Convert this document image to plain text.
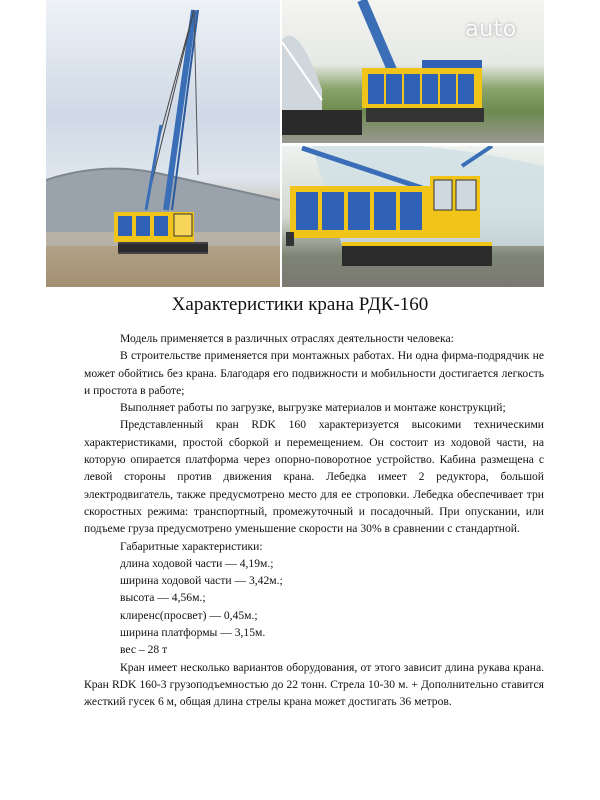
auto
Характеристики крана РДК-160

Модель применяется в различных отраслях деятельности человека:

В строительстве применяется при монтажных работах. Ни одна фирма-подрядчик не может обойтись без крана. Благодаря его подвижности и мобильности достигается легкость и простота в работе;

Выполняет работы по загрузке, выгрузке материалов и монтаже конструкций;

Представленный кран RDK 160 характеризуется высокими техническими характеристиками, простой сборкой и перемещением. Он состоит из ходовой части, на которую опирается платформа через опорно-поворотное устройство. Кабина размещена с левой стороны против движения крана. Лебедка имеет 2 редуктора, большой электродвигатель, также предусмотрено место для ее строповки. Лебедка обеспечивает три скоростных режима: транспортный, промежуточный и посадочный. При опускании, или подъеме груза предусмотрено уменьшение скорости на 30% в сравнении с стандартной.

Габаритные характеристики:

длина ходовой части — 4,19м.;
ширина ходовой части — 3,42м.;
высота — 4,56м.;
клиренс(просвет) — 0,45м.;
ширина платформы — 3,15м.
вес – 28 т

Кран имеет несколько вариантов оборудования, от этого зависит длина рукава крана. Кран RDK 160-3 грузоподъемностью до 22 тонн. Стрела 10-30 м. + Дополнительно ставится жесткий гусек 6 м, общая длина стрелы крана может достигать 36 метров.
